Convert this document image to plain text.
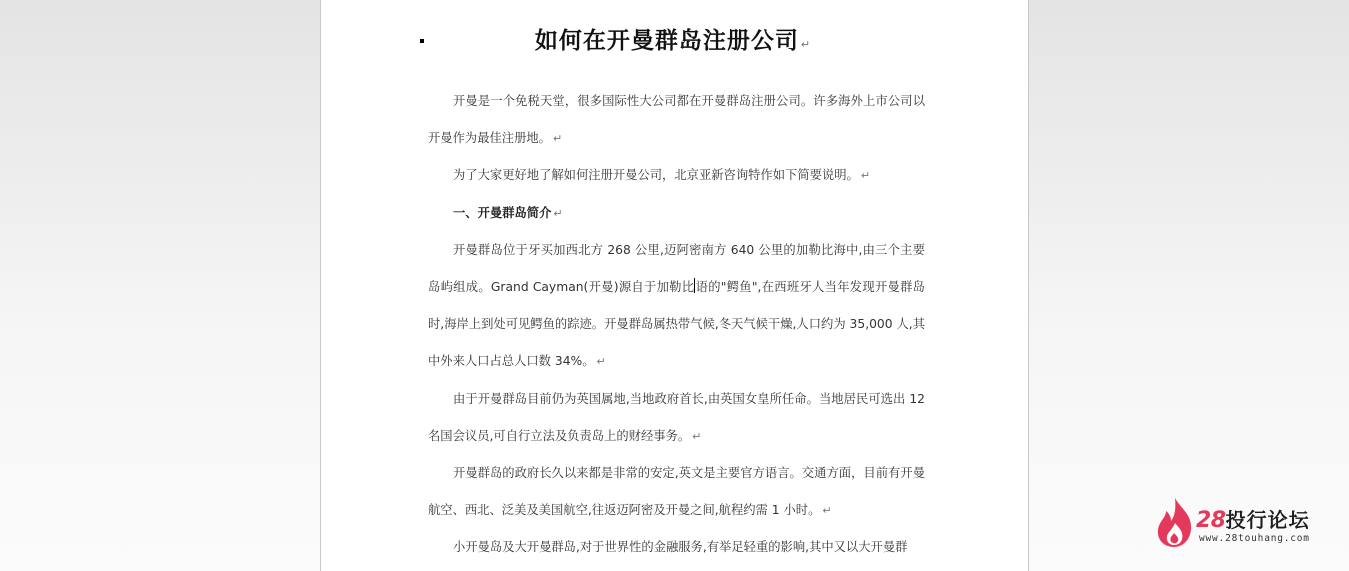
如何在开曼群岛注册公司 ↵

开曼是一个免税天堂，很多国际性大公司都在开曼群岛注册公司。许多海外上市公司以开曼作为最佳注册地。 ↵

为了大家更好地了解如何注册开曼公司，北京亚新咨询特作如下简要说明。 ↵

一、开曼群岛简介 ↵

开曼群岛位于牙买加西北方 268 公里,迈阿密南方 640 公里的加勒比海中,由三个主要岛屿组成。Grand Cayman(开曼)源自于加勒比语的"鳄鱼",在西班牙人当年发现开曼群岛时,海岸上到处可见鳄鱼的踪迹。开曼群岛属热带气候,冬天气候干燥,人口约为 35,000 人,其中外来人口占总人口数 34%。 ↵

由于开曼群岛目前仍为英国属地,当地政府首长,由英国女皇所任命。当地居民可选出 12 名国会议员,可自行立法及负责岛上的财经事务。 ↵

开曼群岛的政府长久以来都是非常的安定,英文是主要官方语言。交通方面，目前有开曼航空、西北、泛美及美国航空,往返迈阿密及开曼之间,航程约需 1 小时。 ↵

小开曼岛及大开曼群岛,对于世界性的金融服务,有举足轻重的影响,其中又以大开曼群

28投行论坛
www.28touhang.com
